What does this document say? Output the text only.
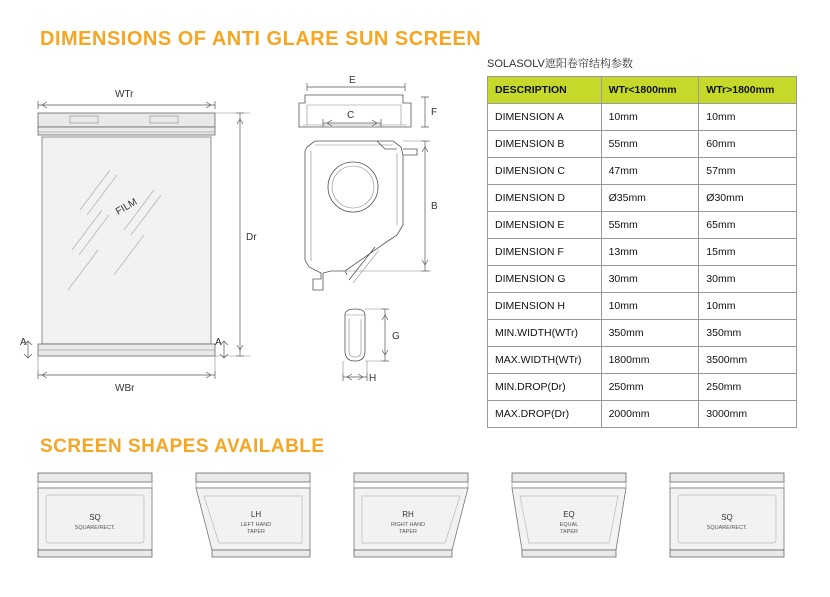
DIMENSIONS OF ANTI GLARE SUN SCREEN
WTr
FILM
A	A
Dr
WBr
E
F
C
B
G
H
SOLASOLV遮阳卷帘结构参数
DESCRIPTION	WTr<1800mm	WTr>1800mm
DIMENSION A	10mm	10mm
DIMENSION B	55mm	60mm
DIMENSION C	47mm	57mm
DIMENSION D	Ø35mm	Ø30mm
DIMENSION E	55mm	65mm
DIMENSION F	13mm	15mm
DIMENSION G	30mm	30mm
DIMENSION H	10mm	10mm
MIN.WIDTH(WTr)	350mm	350mm
MAX.WIDTH(WTr)	1800mm	3500mm
MIN.DROP(Dr)	250mm	250mm
MAX.DROP(Dr)	2000mm	3000mm
SCREEN SHAPES AVAILABLE
SQ
SQUARE/RECT.
LH
LEFT HAND
TAPER
RH
RIGHT HAND
TAPER
EQ
EQUAL
TAPER
SQ
SQUARE/RECT.
